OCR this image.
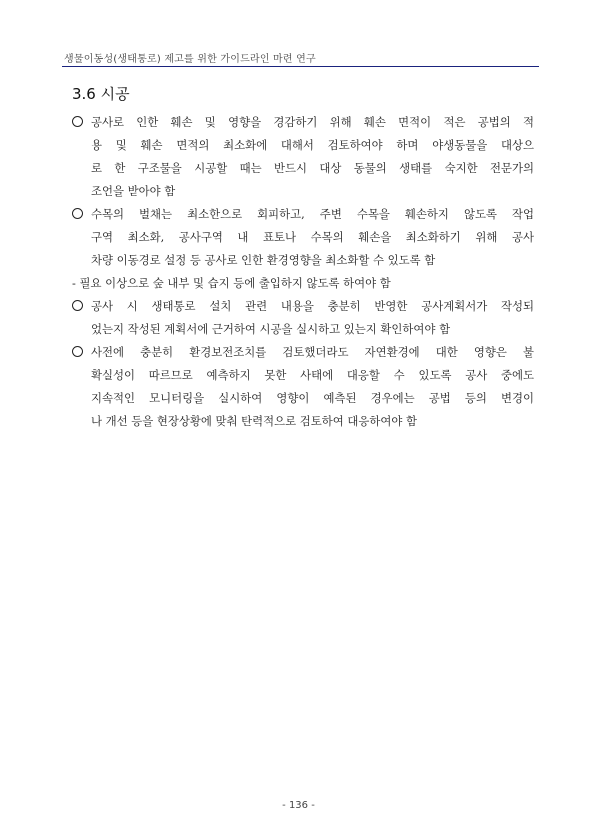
생물이동성(생태통로) 제고를 위한 가이드라인 마련 연구
3.6 시공
공사로 인한 훼손 및 영향을 경감하기 위해 훼손 면적이 적은 공법의 적
용 및 훼손 면적의 최소화에 대해서 검토하여야 하며 야생동물을 대상으
로 한 구조물을 시공할 때는 반드시 대상 동물의 생태를 숙지한 전문가의
조언을 받아야 함
수목의 벌채는 최소한으로 회피하고, 주변 수목을 훼손하지 않도록 작업
구역 최소화, 공사구역 내 표토나 수목의 훼손을 최소화하기 위해 공사
차량 이동경로 설정 등 공사로 인한 환경영향을 최소화할 수 있도록 함
- 필요 이상으로 숲 내부 및 습지 등에 출입하지 않도록 하여야 함
공사 시 생태통로 설치 관련 내용을 충분히 반영한 공사계획서가 작성되
었는지 작성된 계획서에 근거하여 시공을 실시하고 있는지 확인하여야 함
사전에 충분히 환경보전조치를 검토했더라도 자연환경에 대한 영향은 불
확실성이 따르므로 예측하지 못한 사태에 대응할 수 있도록 공사 중에도
지속적인 모니터링을 실시하여 영향이 예측된 경우에는 공법 등의 변경이
나 개선 등을 현장상황에 맞춰 탄력적으로 검토하여 대응하여야 함
- 136 -
